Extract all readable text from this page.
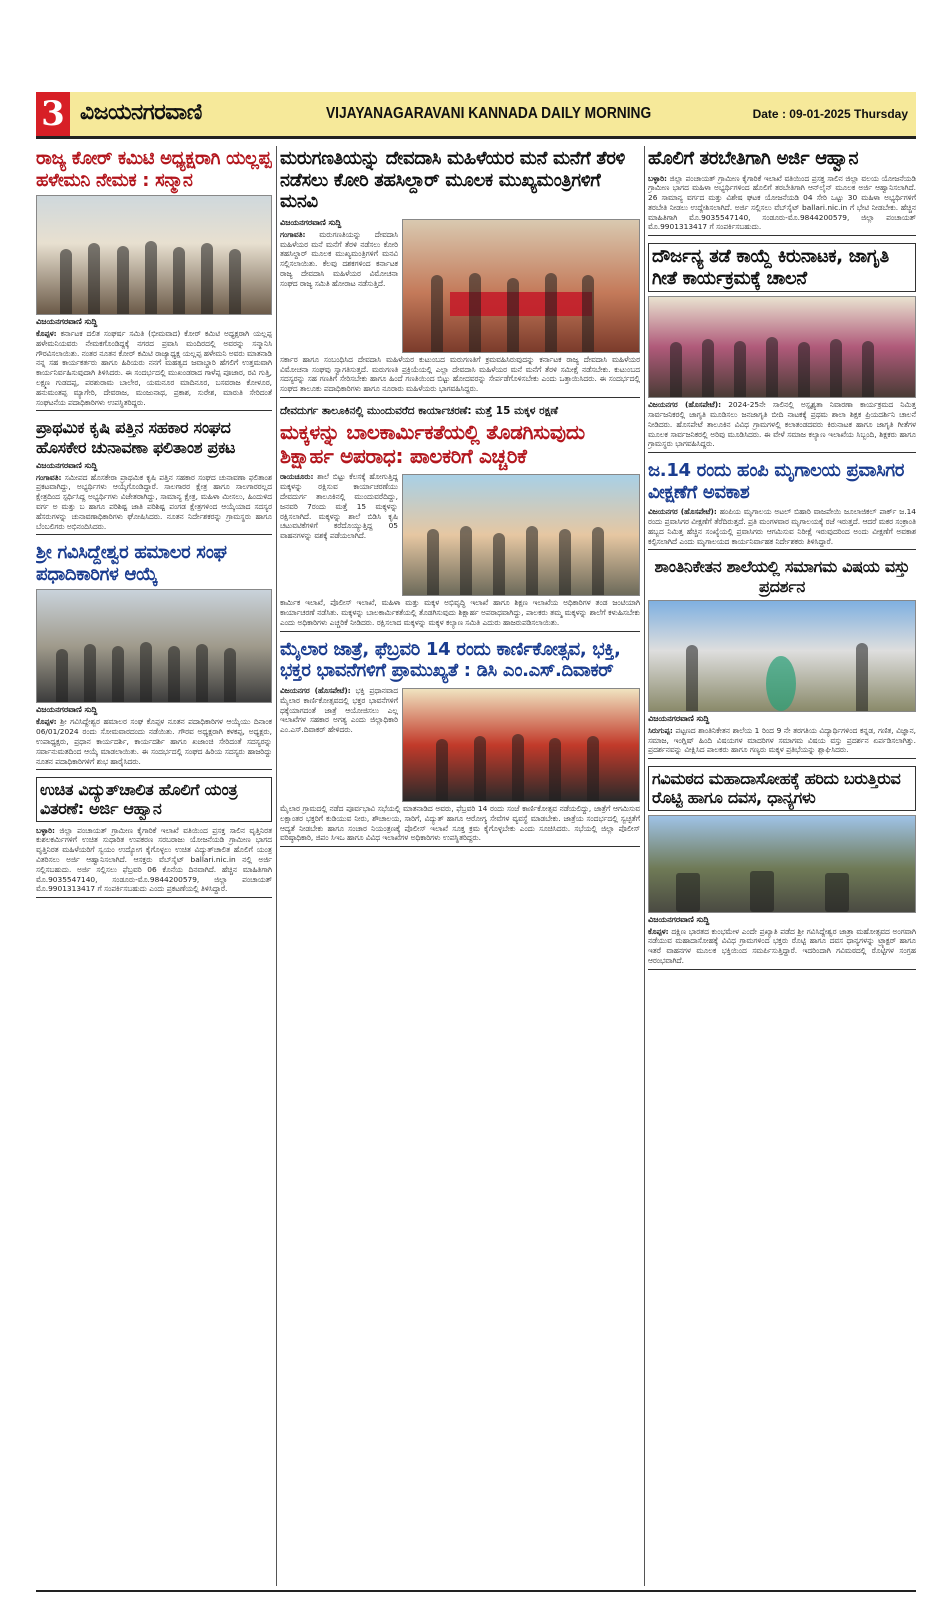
3 ವಿಜಯನಗರವಾಣಿ	VIJAYANAGARAVANI KANNADA DAILY MORNING	Date : 09-01-2025 Thursday
ರಾಜ್ಯ ಕೋರ್ ಕಮಿಟಿ ಅಧ್ಯಕ್ಷರಾಗಿ ಯಲ್ಲಪ್ಪ ಹಳೇಮನಿ ನೇಮಕ : ಸನ್ಮಾನ
ವಿಜಯನಗರವಾಣಿ ಸುದ್ದಿ

ಕೊಪ್ಪಳ: ಕರ್ನಾಟಕ ದಲಿತ ಸಂಘರ್ಷ ಸಮಿತಿ (ಭೀಮವಾದ) ಕೋರ್ ಕಮಿಟಿ ಅಧ್ಯಕ್ಷರಾಗಿ ಯಲ್ಲಪ್ಪ ಹಳೇಮನಿಯವರು ನೇಮಕಗೊಂಡಿದ್ದಕ್ಕೆ ನಗರದ ಪ್ರವಾಸಿ ಮಂದಿರದಲ್ಲಿ ಅವರನ್ನು ಸನ್ಮಾನಿಸಿ ಗೌರವಿಸಲಾಯಿತು. ನಂತರ ನೂತನ ಕೋರ್ ಕಮಿಟಿ ರಾಜ್ಯಾಧ್ಯಕ್ಷ ಯಲ್ಲಪ್ಪ ಹಳೇಮನಿ ಅವರು ಮಾತನಾಡಿ ನನ್ನ ಸಹ ಕಾರ್ಯಕರ್ತರು ಹಾಗೂ ಹಿರಿಯರು ನನಗೆ ಮಹತ್ವದ ಜವಾಬ್ದಾರಿ ಹೆಗಲಿಗೆ ಉತ್ತಮವಾಗಿ ಕಾರ್ಯನಿರ್ವಹಿಸುವುದಾಗಿ ತಿಳಿಸಿದರು. ಈ ಸಂದರ್ಭದಲ್ಲಿ ಮುಖಂಡರಾದ ಗಾಳೆಪ್ಪ ಪೂಜಾರ, ರವಿ ಗುತ್ತಿ, ಲಕ್ಷ್ಮಣ ಗುಡದಪ್ಪ, ಪರಶುರಾಮ ಬಾಲೇರ, ಯಮನೂರ ಮಾದಿನೂರ, ಬಸವರಾಜ ಕೋಳೂರ, ಹನುಮಂತಪ್ಪ ಮ್ಯಾಗೇರಿ, ದೇವರಾಜ, ಮಂಜುನಾಥ, ಪ್ರಕಾಶ, ಸುರೇಶ, ಮಾರುತಿ ಸೇರಿದಂತೆ ಸಂಘಟನೆಯ ಪದಾಧಿಕಾರಿಗಳು ಉಪಸ್ಥಿತರಿದ್ದರು.

ಪ್ರಾಥಮಿಕ ಕೃಷಿ ಪತ್ತಿನ ಸಹಕಾರ ಸಂಘದ ಹೊಸಕೇರ ಚುನಾವಣಾ ಫಲಿತಾಂಶ ಪ್ರಕಟ
ವಿಜಯನಗರವಾಣಿ ಸುದ್ದಿ

ಗಂಗಾವತಿ: ಸಮೀಪದ ಹೊಸಕೇರಾ ಪ್ರಾಥಮಿಕ ಕೃಷಿ ಪತ್ತಿನ ಸಹಕಾರ ಸಂಘದ ಚುನಾವಣಾ ಫಲಿತಾಂಶ ಪ್ರಕಟವಾಗಿದ್ದು, ಅಭ್ಯರ್ಥಿಗಳು ಆಯ್ಕೆಗೊಂಡಿದ್ದಾರೆ. ಸಾಲಗಾರರ ಕ್ಷೇತ್ರ ಹಾಗೂ ಸಾಲಗಾರರಲ್ಲದ ಕ್ಷೇತ್ರದಿಂದ ಸ್ಪರ್ಧಿಸಿದ್ದ ಅಭ್ಯರ್ಥಿಗಳು ವಿಜೇತರಾಗಿದ್ದು, ಸಾಮಾನ್ಯ ಕ್ಷೇತ್ರ, ಮಹಿಳಾ ಮೀಸಲು, ಹಿಂದುಳಿದ ವರ್ಗ ಅ ಮತ್ತು ಬ ಹಾಗೂ ಪರಿಶಿಷ್ಟ ಜಾತಿ ಪರಿಶಿಷ್ಟ ಪಂಗಡ ಕ್ಷೇತ್ರಗಳಿಂದ ಆಯ್ಕೆಯಾದ ಸದಸ್ಯರ ಹೆಸರುಗಳನ್ನು ಚುನಾವಣಾಧಿಕಾರಿಗಳು ಘೋಷಿಸಿದರು. ನೂತನ ನಿರ್ದೇಶಕರನ್ನು ಗ್ರಾಮಸ್ಥರು ಹಾಗೂ ಬೆಂಬಲಿಗರು ಅಭಿನಂದಿಸಿದರು.

ಶ್ರೀ ಗವಿಸಿದ್ದೇಶ್ವರ ಹಮಾಲರ ಸಂಘ ಪಧಾದಿಕಾರಿಗಳ ಆಯ್ಕೆ
ವಿಜಯನಗರವಾಣಿ ಸುದ್ದಿ

ಕೊಪ್ಪಳ: ಶ್ರೀ ಗವಿಸಿದ್ದೇಶ್ವರ ಹಮಾಲರ ಸಂಘ ಕೊಪ್ಪಳ ನೂತನ ಪದಾಧಿಕಾರಿಗಳ ಆಯ್ಕೆಯು ದಿನಾಂಕ 06/01/2024 ರಂದು ಸೋಮವಾರದಂದು ನಡೆಯಿತು. ಗೌರವ ಅಧ್ಯಕ್ಷರಾಗಿ ಕಳಕಪ್ಪ, ಅಧ್ಯಕ್ಷರು, ಉಪಾಧ್ಯಕ್ಷರು, ಪ್ರಧಾನ ಕಾರ್ಯದರ್ಶಿ, ಕಾರ್ಯದರ್ಶಿ ಹಾಗೂ ಖಜಾಂಚಿ ಸೇರಿದಂತೆ ಸದಸ್ಯರನ್ನು ಸರ್ವಾನುಮತದಿಂದ ಆಯ್ಕೆ ಮಾಡಲಾಯಿತು. ಈ ಸಂದರ್ಭದಲ್ಲಿ ಸಂಘದ ಹಿರಿಯ ಸದಸ್ಯರು ಹಾಜರಿದ್ದು ನೂತನ ಪದಾಧಿಕಾರಿಗಳಿಗೆ ಶುಭ ಹಾರೈಸಿದರು.

ಉಚಿತ ವಿದ್ಯುತ್‌ಚಾಲಿತ ಹೊಲಿಗೆ ಯಂತ್ರ ವಿತರಣೆ: ಅರ್ಜಿ ಆಹ್ವಾನ

ಬಳ್ಳಾರಿ: ಜಿಲ್ಲಾ ಪಂಚಾಯತ್ ಗ್ರಾಮೀಣ ಕೈಗಾರಿಕೆ ಇಲಾಖೆ ವತಿಯಿಂದ ಪ್ರಸಕ್ತ ಸಾಲಿನ ವೃತ್ತಿನಿರತ ಕುಶಲಕರ್ಮಿಗಳಿಗೆ ಉಚಿತ ಸುಧಾರಿತ ಉಪಕರಣ ಸರಬರಾಜು ಯೋಜನೆಯಡಿ ಗ್ರಾಮೀಣ ಭಾಗದ ವೃತ್ತಿನಿರತ ಮಹಿಳೆಯರಿಗೆ ಸ್ವಯಂ ಉದ್ಯೋಗ ಕೈಗೊಳ್ಳಲು ಉಚಿತ ವಿದ್ಯುತ್‌ಚಾಲಿತ ಹೊಲಿಗೆ ಯಂತ್ರ ವಿತರಿಸಲು ಅರ್ಜಿ ಆಹ್ವಾನಿಸಲಾಗಿದೆ. ಆಸಕ್ತರು ವೆಬ್‌ಸೈಟ್ ballari.nic.in ನಲ್ಲಿ ಅರ್ಜಿ ಸಲ್ಲಿಸಬಹುದು. ಅರ್ಜಿ ಸಲ್ಲಿಸಲು ಫೆಬ್ರವರಿ 06 ಕೊನೆಯ ದಿನವಾಗಿದೆ. ಹೆಚ್ಚಿನ ಮಾಹಿತಿಗಾಗಿ ಮೊ.9035547140, ಸಂಡೂರು-ಮೊ.9844200579, ಜಿಲ್ಲಾ ಪಂಚಾಯತ್ ಮೊ.9901313417 ಗೆ ಸಂಪರ್ಕಿಸಬಹುದು ಎಂದು ಪ್ರಕಟಣೆಯಲ್ಲಿ ತಿಳಿಸಿದ್ದಾರೆ.

ಮರುಗಣತಿಯನ್ನು ದೇವದಾಸಿ ಮಹಿಳೆಯರ ಮನೆ ಮನೆಗೆ ತೆರಳಿ ನಡೆಸಲು ಕೋರಿ ತಹಸಿಲ್ದಾರ್ ಮೂಲಕ ಮುಖ್ಯಮಂತ್ರಿಗಳಿಗೆ ಮನವಿ
ವಿಜಯನಗರವಾಣಿ ಸುದ್ದಿ

ಗಂಗಾವತಿ: ಮರುಗಣತಿಯನ್ನು ದೇವದಾಸಿ ಮಹಿಳೆಯರ ಮನೆ ಮನೆಗೆ ತೆರಳಿ ನಡೆಸಲು ಕೋರಿ ತಹಸಿಲ್ದಾರ್ ಮೂಲಕ ಮುಖ್ಯಮಂತ್ರಿಗಳಿಗೆ ಮನವಿ ಸಲ್ಲಿಸಲಾಯಿತು. ಕೆಲವು ದಶಕಗಳಿಂದ ಕರ್ನಾಟಕ ರಾಜ್ಯ ದೇವದಾಸಿ ಮಹಿಳೆಯರ ವಿಮೋಚನಾ ಸಂಘದ ರಾಜ್ಯ ಸಮಿತಿ ಹೋರಾಟ ನಡೆಸುತ್ತಿದೆ.

ಸರ್ಕಾರ ಹಾಗೂ ಸಂಬಂಧಿಸಿದ ದೇವದಾಸಿ ಮಹಿಳೆಯರ ಕುಟುಂಬದ ಮರುಗಣತಿಗೆ ಕ್ರಮವಹಿಸಿರುವುದನ್ನು ಕರ್ನಾಟಕ ರಾಜ್ಯ ದೇವದಾಸಿ ಮಹಿಳೆಯರ ವಿಮೋಚನಾ ಸಂಘವು ಸ್ವಾಗತಿಸುತ್ತದೆ. ಮರುಗಣತಿ ಪ್ರಕ್ರಿಯೆಯಲ್ಲಿ ಎಲ್ಲಾ ದೇವದಾಸಿ ಮಹಿಳೆಯರ ಮನೆ ಮನೆಗೆ ತೆರಳಿ ಸಮೀಕ್ಷೆ ನಡೆಸಬೇಕು. ಕುಟುಂಬದ ಸದಸ್ಯರನ್ನು ಸಹ ಗಣತಿಗೆ ಸೇರಿಸಬೇಕು ಹಾಗೂ ಹಿಂದೆ ಗಣತಿಯಿಂದ ಬಿಟ್ಟು ಹೋದವರನ್ನು ಸೇರ್ಪಡೆಗೊಳಿಸಬೇಕು ಎಂದು ಒತ್ತಾಯಿಸಿದರು. ಈ ಸಂದರ್ಭದಲ್ಲಿ ಸಂಘದ ತಾಲೂಕು ಪದಾಧಿಕಾರಿಗಳು ಹಾಗೂ ನೂರಾರು ಮಹಿಳೆಯರು ಭಾಗವಹಿಸಿದ್ದರು.

ದೇವದುರ್ಗ ತಾಲೂಕಿನಲ್ಲಿ ಮುಂದುವರೆದ ಕಾರ್ಯಾಚರಣೆ: ಮತ್ತೆ 15 ಮಕ್ಕಳ ರಕ್ಷಣೆ
ಮಕ್ಕಳನ್ನು ಬಾಲಕಾರ್ಮಿಕತೆಯಲ್ಲಿ ತೊಡಗಿಸುವುದು ಶಿಕ್ಷಾರ್ಹ ಅಪರಾಧ: ಪಾಲಕರಿಗೆ ಎಚ್ಚರಿಕೆ

ರಾಯಚೂರು: ಶಾಲೆ ಬಿಟ್ಟು ಕೆಲಸಕ್ಕೆ ಹೋಗುತ್ತಿದ್ದ ಮಕ್ಕಳನ್ನು ರಕ್ಷಿಸುವ ಕಾರ್ಯಾಚರಣೆಯು ದೇವದುರ್ಗ ತಾಲೂಕಿನಲ್ಲಿ ಮುಂದುವರೆದಿದ್ದು, ಜನವರಿ 7ರಂದು ಮತ್ತೆ 15 ಮಕ್ಕಳನ್ನು ರಕ್ಷಿಸಲಾಗಿದೆ. ಮಕ್ಕಳನ್ನು ಶಾಲೆ ಬಿಡಿಸಿ ಕೃಷಿ ಚಟುವಟಿಕೆಗಳಿಗೆ ಕರೆದೊಯ್ಯುತ್ತಿದ್ದ 05 ವಾಹನಗಳನ್ನು ವಶಕ್ಕೆ ಪಡೆಯಲಾಗಿದೆ.

ಕಾರ್ಮಿಕ ಇಲಾಖೆ, ಪೊಲೀಸ್ ಇಲಾಖೆ, ಮಹಿಳಾ ಮತ್ತು ಮಕ್ಕಳ ಅಭಿವೃದ್ಧಿ ಇಲಾಖೆ ಹಾಗೂ ಶಿಕ್ಷಣ ಇಲಾಖೆಯ ಅಧಿಕಾರಿಗಳ ತಂಡ ಜಂಟಿಯಾಗಿ ಕಾರ್ಯಾಚರಣೆ ನಡೆಸಿತು. ಮಕ್ಕಳನ್ನು ಬಾಲಕಾರ್ಮಿಕತೆಯಲ್ಲಿ ತೊಡಗಿಸುವುದು ಶಿಕ್ಷಾರ್ಹ ಅಪರಾಧವಾಗಿದ್ದು, ಪಾಲಕರು ತಮ್ಮ ಮಕ್ಕಳನ್ನು ಶಾಲೆಗೆ ಕಳುಹಿಸಬೇಕು ಎಂದು ಅಧಿಕಾರಿಗಳು ಎಚ್ಚರಿಕೆ ನೀಡಿದರು. ರಕ್ಷಿಸಲಾದ ಮಕ್ಕಳನ್ನು ಮಕ್ಕಳ ಕಲ್ಯಾಣ ಸಮಿತಿ ಎದುರು ಹಾಜರುಪಡಿಸಲಾಯಿತು.

ಮೈಲಾರ ಜಾತ್ರೆ, ಫೆಬ್ರವರಿ 14 ರಂದು ಕಾರ್ಣಿಕೋತ್ಸವ, ಭಕ್ತಿ, ಭಕ್ತರ ಭಾವನೆಗಳಿಗೆ ಪ್ರಾಮುಖ್ಯತೆ : ಡಿಸಿ ಎಂ.ಎಸ್.ದಿವಾಕರ್

ವಿಜಯನಗರ (ಹೊಸಪೇಟೆ): ಭಕ್ತಿ ಪ್ರಧಾನವಾದ ಮೈಲಾರ ಕಾರ್ಣಿಕೋತ್ಸವದಲ್ಲಿ ಭಕ್ತರ ಭಾವನೆಗಳಿಗೆ ಧಕ್ಕೆಯಾಗದಂತೆ ಜಾತ್ರೆ ಆಯೋಜಿಸಲು ಎಲ್ಲ ಇಲಾಖೆಗಳ ಸಹಕಾರ ಅಗತ್ಯ ಎಂದು ಜಿಲ್ಲಾಧಿಕಾರಿ ಎಂ.ಎಸ್.ದಿವಾಕರ್ ಹೇಳಿದರು.

ಮೈಲಾರ ಗ್ರಾಮದಲ್ಲಿ ನಡೆದ ಪೂರ್ವಭಾವಿ ಸಭೆಯಲ್ಲಿ ಮಾತನಾಡಿದ ಅವರು, ಫೆಬ್ರವರಿ 14 ರಂದು ಸಂಜೆ ಕಾರ್ಣಿಕೋತ್ಸವ ನಡೆಯಲಿದ್ದು, ಜಾತ್ರೆಗೆ ಆಗಮಿಸುವ ಲಕ್ಷಾಂತರ ಭಕ್ತರಿಗೆ ಕುಡಿಯುವ ನೀರು, ಶೌಚಾಲಯ, ಸಾರಿಗೆ, ವಿದ್ಯುತ್ ಹಾಗೂ ಆರೋಗ್ಯ ಸೇವೆಗಳ ವ್ಯವಸ್ಥೆ ಮಾಡಬೇಕು. ಜಾತ್ರೆಯ ಸಂದರ್ಭದಲ್ಲಿ ಸ್ವಚ್ಛತೆಗೆ ಆದ್ಯತೆ ನೀಡಬೇಕು ಹಾಗೂ ಸಂಚಾರ ನಿಯಂತ್ರಣಕ್ಕೆ ಪೊಲೀಸ್ ಇಲಾಖೆ ಸೂಕ್ತ ಕ್ರಮ ಕೈಗೊಳ್ಳಬೇಕು ಎಂದು ಸೂಚಿಸಿದರು. ಸಭೆಯಲ್ಲಿ ಜಿಲ್ಲಾ ಪೊಲೀಸ್ ವರಿಷ್ಠಾಧಿಕಾರಿ, ಜಿಪಂ ಸಿಇಒ ಹಾಗೂ ವಿವಿಧ ಇಲಾಖೆಗಳ ಅಧಿಕಾರಿಗಳು ಉಪಸ್ಥಿತರಿದ್ದರು.

ಹೊಲಿಗೆ ತರಬೇತಿಗಾಗಿ ಅರ್ಜಿ ಆಹ್ವಾನ

ಬಳ್ಳಾರಿ: ಜಿಲ್ಲಾ ಪಂಚಾಯತ್ ಗ್ರಾಮೀಣ ಕೈಗಾರಿಕೆ ಇಲಾಖೆ ವತಿಯಿಂದ ಪ್ರಸಕ್ತ ಸಾಲಿನ ಜಿಲ್ಲಾ ವಲಯ ಯೋಜನೆಯಡಿ ಗ್ರಾಮೀಣ ಭಾಗದ ಮಹಿಳಾ ಅಭ್ಯರ್ಥಿಗಳಿಂದ ಹೊಲಿಗೆ ತರಬೇತಿಗಾಗಿ ಆನ್‌ಲೈನ್ ಮೂಲಕ ಅರ್ಜಿ ಆಹ್ವಾನಿಸಲಾಗಿದೆ. 26 ಸಾಮಾನ್ಯ ವರ್ಗದ ಮತ್ತು ವಿಶೇಷ ಘಟಕ ಯೋಜನೆಯಡಿ 04 ಸೇರಿ ಒಟ್ಟು 30 ಮಹಿಳಾ ಅಭ್ಯರ್ಥಿಗಳಿಗೆ ತರಬೇತಿ ನೀಡಲು ಉದ್ದೇಶಿಸಲಾಗಿದೆ. ಅರ್ಜಿ ಸಲ್ಲಿಸಲು ವೆಬ್‌ಸೈಟ್ ballari.nic.in ಗೆ ಭೇಟಿ ನೀಡಬೇಕು. ಹೆಚ್ಚಿನ ಮಾಹಿತಿಗಾಗಿ ಮೊ.9035547140, ಸಂಡೂರು-ಮೊ.9844200579, ಜಿಲ್ಲಾ ಪಂಚಾಯತ್ ಮೊ.9901313417 ಗೆ ಸಂಪರ್ಕಿಸಬಹುದು.

ದೌರ್ಜನ್ಯ ತಡೆ ಕಾಯ್ದೆ ಕಿರುನಾಟಕ, ಜಾಗೃತಿ ಗೀತೆ ಕಾರ್ಯಕ್ರಮಕ್ಕೆ ಚಾಲನೆ

ವಿಜಯನಗರ (ಹೊಸಪೇಟೆ): 2024-25ನೇ ಸಾಲಿನಲ್ಲಿ ಅಸ್ಪೃಶ್ಯತಾ ನಿವಾರಣಾ ಕಾರ್ಯಕ್ರಮದ ನಿಮಿತ್ತ ಸಾರ್ವಜನಿಕರಲ್ಲಿ ಜಾಗೃತಿ ಮೂಡಿಸಲು ಜನಜಾಗೃತಿ ಬೀದಿ ನಾಟಕಕ್ಕೆ ಪ್ರಥಮ ಶಾಲಾ ಶಿಕ್ಷಕ ಪ್ರಿಯದರ್ಶಿನಿ ಚಾಲನೆ ನೀಡಿದರು. ಹೊಸಪೇಟೆ ತಾಲೂಕಿನ ವಿವಿಧ ಗ್ರಾಮಗಳಲ್ಲಿ ಕಲಾತಂಡದವರು ಕಿರುನಾಟಕ ಹಾಗೂ ಜಾಗೃತಿ ಗೀತೆಗಳ ಮೂಲಕ ಸಾರ್ವಜನಿಕರಲ್ಲಿ ಅರಿವು ಮೂಡಿಸಿದರು. ಈ ವೇಳೆ ಸಮಾಜ ಕಲ್ಯಾಣ ಇಲಾಖೆಯ ಸಿಬ್ಬಂದಿ, ಶಿಕ್ಷಕರು ಹಾಗೂ ಗ್ರಾಮಸ್ಥರು ಭಾಗವಹಿಸಿದ್ದರು.

ಜ.14 ರಂದು ಹಂಪಿ ಮೃಗಾಲಯ ಪ್ರವಾಸಿಗರ ವೀಕ್ಷಣೆಗೆ ಅವಕಾಶ

ವಿಜಯನಗರ (ಹೊಸಪೇಟೆ): ಹಂಪಿಯ ಮೃಗಾಲಯ ಅಟಲ್ ಬಿಹಾರಿ ವಾಜಪೇಯಿ ಜೂಲಾಜಿಕಲ್ ಪಾರ್ಕ್ ಜ.14 ರಂದು ಪ್ರವಾಸಿಗರ ವೀಕ್ಷಣೆಗೆ ತೆರೆದಿರುತ್ತದೆ. ಪ್ರತಿ ಮಂಗಳವಾರ ಮೃಗಾಲಯಕ್ಕೆ ರಜೆ ಇರುತ್ತದೆ. ಆದರೆ ಮಕರ ಸಂಕ್ರಾಂತಿ ಹಬ್ಬದ ನಿಮಿತ್ತ ಹೆಚ್ಚಿನ ಸಂಖ್ಯೆಯಲ್ಲಿ ಪ್ರವಾಸಿಗರು ಆಗಮಿಸುವ ನಿರೀಕ್ಷೆ ಇರುವುದರಿಂದ ಅಂದು ವೀಕ್ಷಣೆಗೆ ಅವಕಾಶ ಕಲ್ಪಿಸಲಾಗಿದೆ ಎಂದು ಮೃಗಾಲಯದ ಕಾರ್ಯನಿರ್ವಾಹಕ ನಿರ್ದೇಶಕರು ತಿಳಿಸಿದ್ದಾರೆ.

ಶಾಂತಿನಿಕೇತನ ಶಾಲೆಯಲ್ಲಿ ಸಮಾಗಮ ವಿಷಯ ವಸ್ತು ಪ್ರದರ್ಶನ
ವಿಜಯನಗರವಾಣಿ ಸುದ್ದಿ

ಸಿರುಗುಪ್ಪ: ಪಟ್ಟಣದ ಶಾಂತಿನಿಕೇತನ ಶಾಲೆಯ 1 ರಿಂದ 9 ನೇ ತರಗತಿಯ ವಿದ್ಯಾರ್ಥಿಗಳಿಂದ ಕನ್ನಡ, ಗಣಿತ, ವಿಜ್ಞಾನ, ಸಮಾಜ, ಇಂಗ್ಲಿಷ್ ಹಿಂದಿ ವಿಷಯಗಳ ಮಾದರಿಗಳ ಸಮಾಗಮ ವಿಷಯ ವಸ್ತು ಪ್ರದರ್ಶನ ಏರ್ಪಡಿಸಲಾಗಿತ್ತು. ಪ್ರದರ್ಶನವನ್ನು ವೀಕ್ಷಿಸಿದ ಪಾಲಕರು ಹಾಗೂ ಗಣ್ಯರು ಮಕ್ಕಳ ಪ್ರತಿಭೆಯನ್ನು ಶ್ಲಾಘಿಸಿದರು.

ಗವಿಮಠದ ಮಹಾದಾಸೋಹಕ್ಕೆ ಹರಿದು ಬರುತ್ತಿರುವ ರೊಟ್ಟಿ ಹಾಗೂ ದವಸ, ಧಾನ್ಯಗಳು
ವಿಜಯನಗರವಾಣಿ ಸುದ್ದಿ

ಕೊಪ್ಪಳ: ದಕ್ಷಿಣ ಭಾರತದ ಕುಂಭಮೇಳ ಎಂದೇ ಪ್ರಖ್ಯಾತಿ ಪಡೆದ ಶ್ರೀ ಗವಿಸಿದ್ದೇಶ್ವರ ಜಾತ್ರಾ ಮಹೋತ್ಸವದ ಅಂಗವಾಗಿ ನಡೆಯುವ ಮಹಾದಾಸೋಹಕ್ಕೆ ವಿವಿಧ ಗ್ರಾಮಗಳಿಂದ ಭಕ್ತರು ರೊಟ್ಟಿ ಹಾಗೂ ದವಸ ಧಾನ್ಯಗಳನ್ನು ಟ್ರ್ಯಾಕ್ಟರ್ ಹಾಗೂ ಇತರೆ ವಾಹನಗಳ ಮೂಲಕ ಭಕ್ತಿಯಿಂದ ಸಮರ್ಪಿಸುತ್ತಿದ್ದಾರೆ. ಇದರಿಂದಾಗಿ ಗವಿಮಠದಲ್ಲಿ ರೊಟ್ಟಿಗಳ ಸಂಗ್ರಹ ಆರಂಭವಾಗಿದೆ.
